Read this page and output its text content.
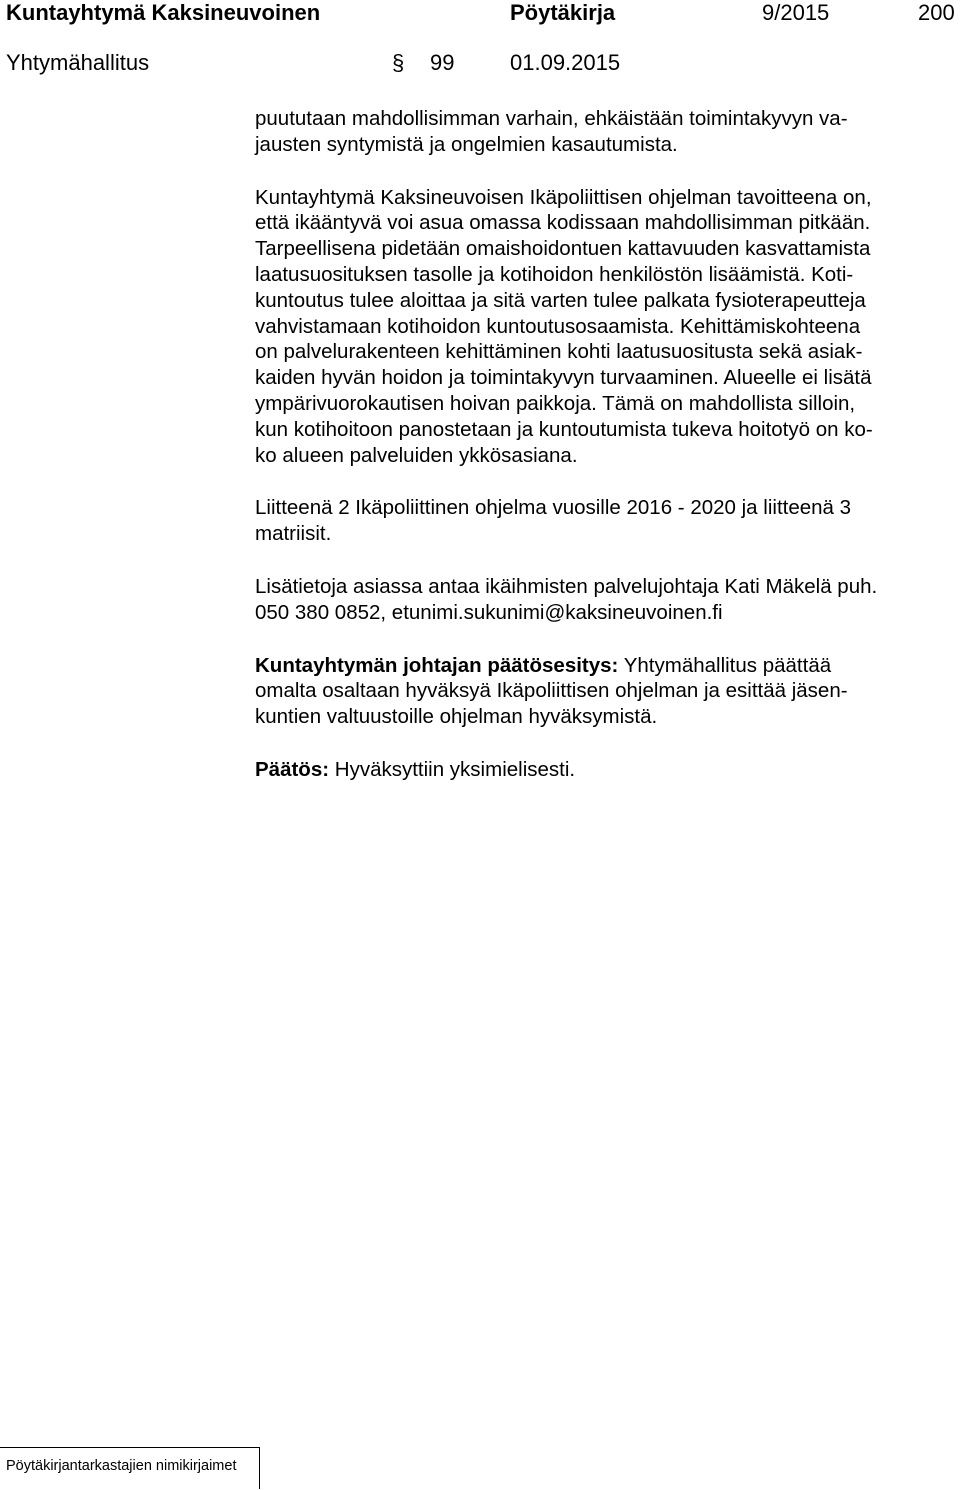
Kuntayhtymä Kaksineuvoinen	Pöytäkirja	9/2015	200
Yhtymähallitus	§ 99	01.09.2015

puututaan mahdollisimman varhain, ehkäistään toimintakyvyn va-
jausten syntymistä ja ongelmien kasautumista.

Kuntayhtymä Kaksineuvoisen Ikäpoliittisen ohjelman tavoitteena on,
että ikääntyvä voi asua omassa kodissaan mahdollisimman pitkään.
Tarpeellisena pidetään omaishoidontuen kattavuuden kasvattamista
laatusuosituksen tasolle ja kotihoidon henkilöstön lisäämistä. Koti-
kuntoutus tulee aloittaa ja sitä varten tulee palkata fysioterapeutteja
vahvistamaan kotihoidon kuntoutusosaamista. Kehittämiskohteena
on palvelurakenteen kehittäminen kohti laatusuositusta sekä asiak-
kaiden hyvän hoidon ja toimintakyvyn turvaaminen. Alueelle ei lisätä
ympärivuorokautisen hoivan paikkoja. Tämä on mahdollista silloin,
kun kotihoitoon panostetaan ja kuntoutumista tukeva hoitotyö on ko-
ko alueen palveluiden ykkösasiana.

Liitteenä 2 Ikäpoliittinen ohjelma vuosille 2016 - 2020 ja liitteenä 3
matriisit.

Lisätietoja asiassa antaa ikäihmisten palvelujohtaja Kati Mäkelä puh.
050 380 0852, etunimi.sukunimi@kaksineuvoinen.fi

Kuntayhtymän johtajan päätösesitys: Yhtymähallitus päättää
omalta osaltaan hyväksyä Ikäpoliittisen ohjelman ja esittää jäsen-
kuntien valtuustoille ohjelman hyväksymistä.

Päätös: Hyväksyttiin yksimielisesti.

Pöytäkirjantarkastajien nimikirjaimet
